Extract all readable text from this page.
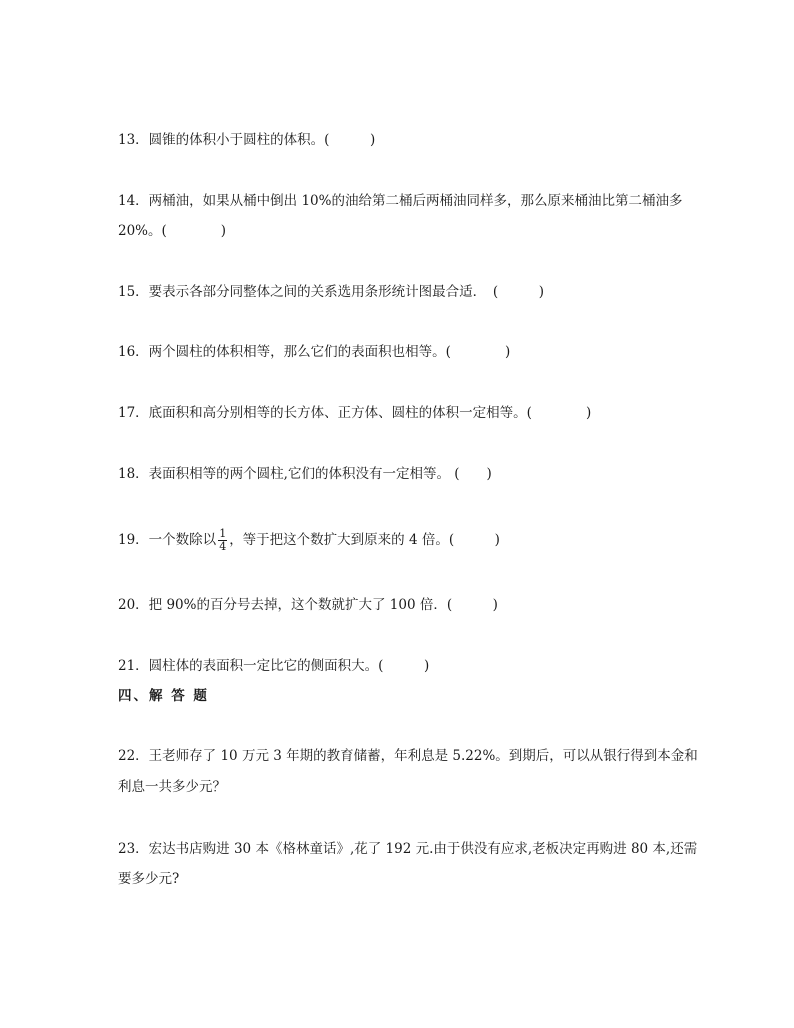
13．圆锥的体积小于圆柱的体积。(　　　)
14．两桶油，如果从桶中倒出 10%的油给第二桶后两桶油同样多，那么原来桶油比第二桶油多
20%。(　　　　)
15．要表示各部分同整体之间的关系选用条形统计图最合适．　(　　　)
16．两个圆柱的体积相等，那么它们的表面积也相等。(　　　　)
17．底面积和高分别相等的长方体、正方体、圆柱的体积一定相等。(　　　　)
18．表面积相等的两个圆柱,它们的体积没有一定相等。 (　　)
19．一个数除以 $\frac{1}{4}$ ，等于把这个数扩大到原来的 4 倍。(　　　)
20．把 90%的百分号去掉，这个数就扩大了 100 倍．(　　　)
21．圆柱体的表面积一定比它的侧面积大。(　　　)
四、解 答 题
22．王老师存了 10 万元 3 年期的教育储蓄，年利息是 5.22%。到期后，可以从银行得到本金和
利息一共多少元？
23．宏达书店购进 30 本《格林童话》,花了 192 元.由于供没有应求,老板决定再购进 80 本,还需
要多少元?
